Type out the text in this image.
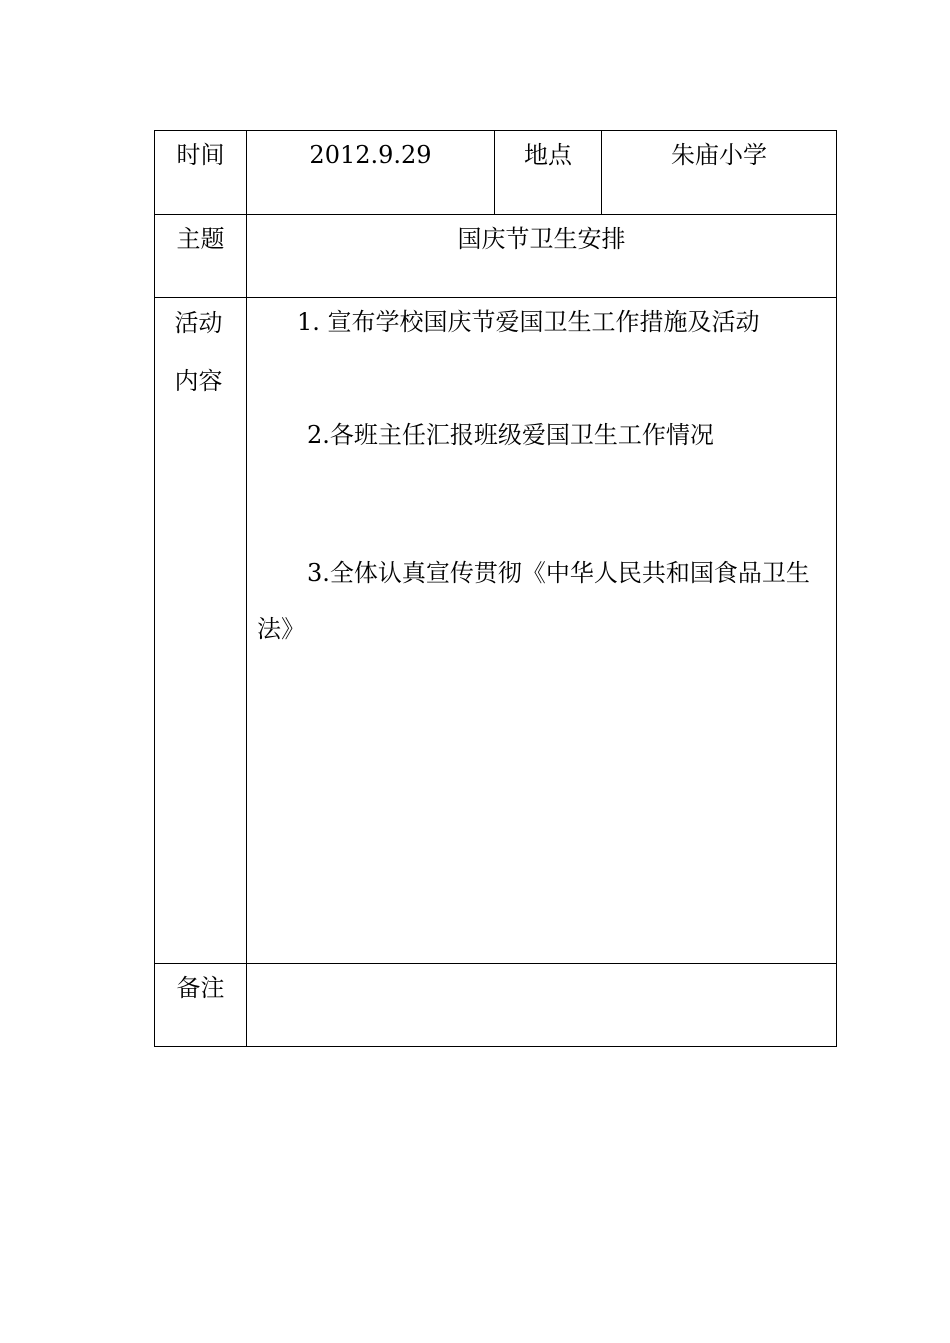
时间	2012.9.29	地点	朱庙小学
主题	国庆节卫生安排		
活动内容	1. 宣布学校国庆节爱国卫生工作措施及活动
2.各班主任汇报班级爱国卫生工作情况
3.全体认真宣传贯彻《中华人民共和国食品卫生法》		

备注			
